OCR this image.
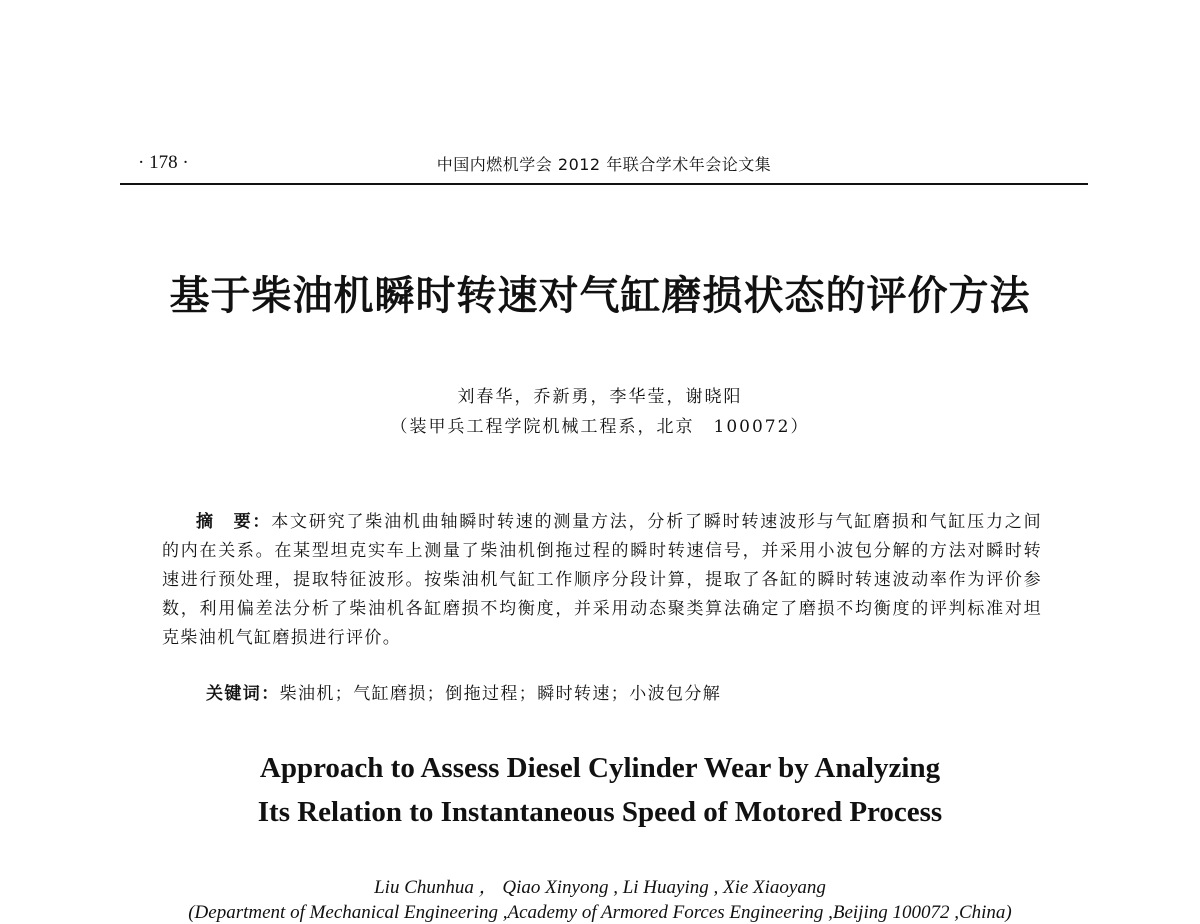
· 178 ·	中国内燃机学会 2012 年联合学术年会论文集
基于柴油机瞬时转速对气缸磨损状态的评价方法
刘春华，乔新勇，李华莹，谢晓阳
（装甲兵工程学院机械工程系，北京　100072）

摘　要：本文研究了柴油机曲轴瞬时转速的测量方法，分析了瞬时转速波形与气缸磨损和气缸压力之间的内在关系。在某型坦克实车上测量了柴油机倒拖过程的瞬时转速信号，并采用小波包分解的方法对瞬时转速进行预处理，提取特征波形。按柴油机气缸工作顺序分段计算，提取了各缸的瞬时转速波动率作为评价参数，利用偏差法分析了柴油机各缸磨损不均衡度，并采用动态聚类算法确定了磨损不均衡度的评判标准对坦克柴油机气缸磨损进行评价。

关键词：柴油机；气缸磨损；倒拖过程；瞬时转速；小波包分解
Approach to Assess Diesel Cylinder Wear by Analyzing
Its Relation to Instantaneous Speed of Motored Process
Liu Chunhua ， Qiao Xinyong , Li Huaying , Xie Xiaoyang
(Department of Mechanical Engineering ,Academy of Armored Forces Engineering ,Beijing 100072 ,China)
